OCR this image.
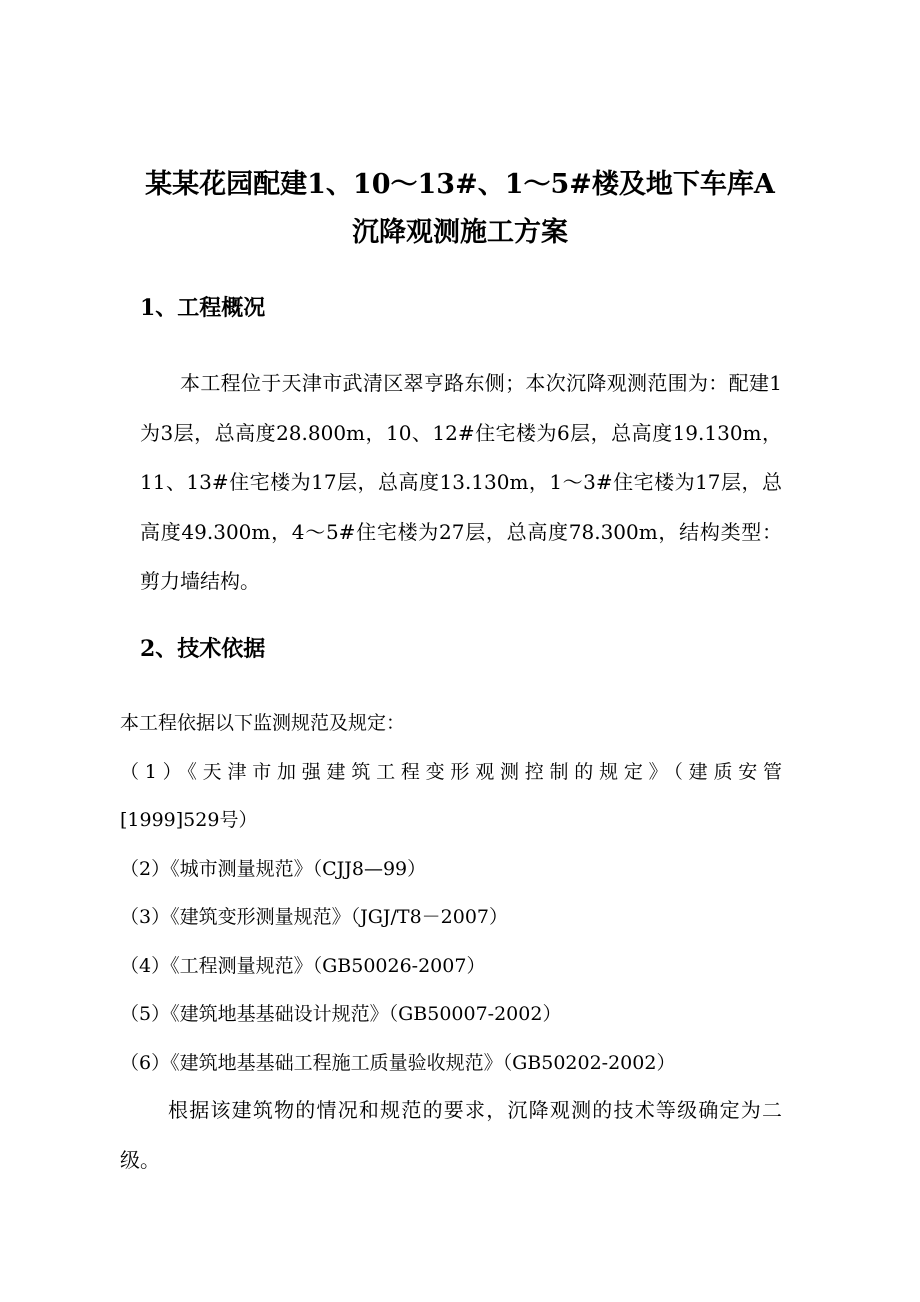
某某花园配建1、10～13#、1～5#楼及地下车库A
沉降观测施工方案
1、工程概况

本工程位于天津市武清区翠亨路东侧；本次沉降观测范围为：配建1为3层，总高度28.800m，10、12#住宅楼为6层，总高度19.130m，11、13#住宅楼为17层，总高度13.130m，1～3#住宅楼为17层，总高度49.300m，4～5#住宅楼为27层，总高度78.300m，结构类型：剪力墙结构。

2、技术依据
本工程依据以下监测规范及规定：
（1）《天津市加强建筑工程变形观测控制的规定》（建质安管
[1999]529号）
（2）《城市测量规范》（CJJ8—99）
（3）《建筑变形测量规范》（JGJ/T8－2007）
（4）《工程测量规范》（GB50026-2007）
（5）《建筑地基基础设计规范》（GB50007-2002）
（6）《建筑地基基础工程施工质量验收规范》（GB50202-2002）

根据该建筑物的情况和规范的要求，沉降观测的技术等级确定为二级。
